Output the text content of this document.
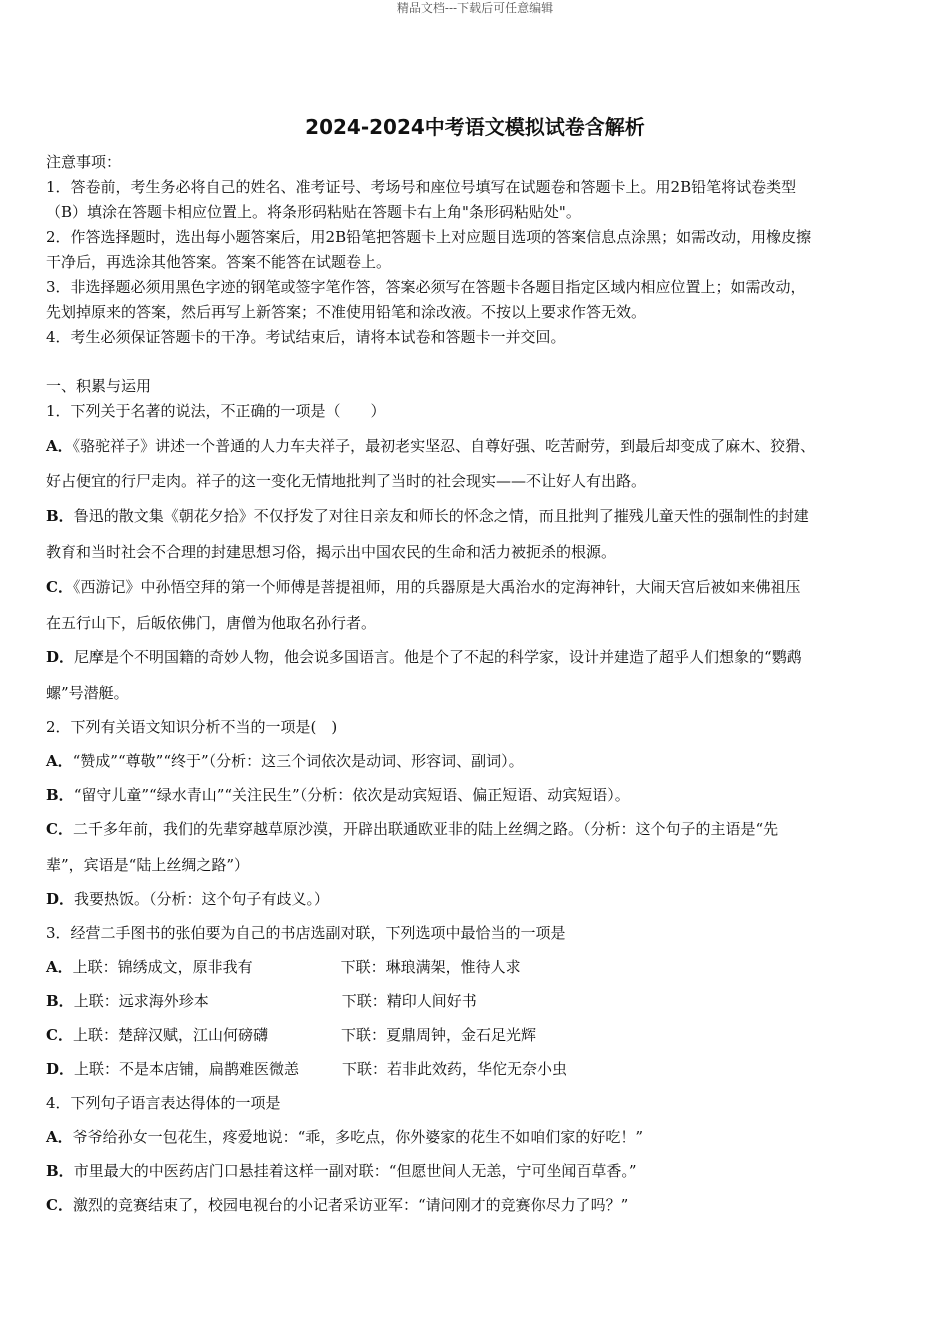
精品文档---下载后可任意编辑
2024-2024中考语文模拟试卷含解析
注意事项：
1．答卷前，考生务必将自己的姓名、准考证号、考场号和座位号填写在试题卷和答题卡上。用2B铅笔将试卷类型
（B）填涂在答题卡相应位置上。将条形码粘贴在答题卡右上角"条形码粘贴处"。
2．作答选择题时，选出每小题答案后，用2B铅笔把答题卡上对应题目选项的答案信息点涂黑；如需改动，用橡皮擦
干净后，再选涂其他答案。答案不能答在试题卷上。
3．非选择题必须用黑色字迹的钢笔或签字笔作答，答案必须写在答题卡各题目指定区域内相应位置上；如需改动，
先划掉原来的答案，然后再写上新答案；不准使用铅笔和涂改液。不按以上要求作答无效。
4．考生必须保证答题卡的干净。考试结束后，请将本试卷和答题卡一并交回。
一、积累与运用
1．下列关于名著的说法，不正确的一项是（　　）
A．《骆驼祥子》讲述一个普通的人力车夫祥子，最初老实坚忍、自尊好强、吃苦耐劳，到最后却变成了麻木、狡猾、
好占便宜的行尸走肉。祥子的这一变化无情地批判了当时的社会现实——不让好人有出路。
B．鲁迅的散文集《朝花夕拾》不仅抒发了对往日亲友和师长的怀念之情，而且批判了摧残儿童天性的强制性的封建
教育和当时社会不合理的封建思想习俗，揭示出中国农民的生命和活力被扼杀的根源。
C．《西游记》中孙悟空拜的第一个师傅是菩提祖师，用的兵器原是大禹治水的定海神针，大闹天宫后被如来佛祖压
在五行山下，后皈依佛门，唐僧为他取名孙行者。
D．尼摩是个不明国籍的奇妙人物，他会说多国语言。他是个了不起的科学家，设计并建造了超乎人们想象的“鹦鹉
螺”号潜艇。
2．下列有关语文知识分析不当的一项是(　)
A．“赞成”“尊敬”“终于”（分析：这三个词依次是动词、形容词、副词）。
B．“留守儿童”“绿水青山”“关注民生”（分析：依次是动宾短语、偏正短语、动宾短语）。
C．二千多年前，我们的先辈穿越草原沙漠，开辟出联通欧亚非的陆上丝绸之路。（分析：这个句子的主语是“先
辈”，宾语是“陆上丝绸之路”）
D．我要热饭。（分析：这个句子有歧义。）
3．经营二手图书的张伯要为自己的书店选副对联，下列选项中最恰当的一项是
A．上联：锦绣成文，原非我有	下联：琳琅满架，惟待人求
B．上联：远求海外珍本	下联：精印人间好书
C．上联：楚辞汉赋，江山何磅礴	下联：夏鼎周钟，金石足光辉
D．上联：不是本店铺，扁鹊难医微恙	下联：若非此效药，华佗无奈小虫
4．下列句子语言表达得体的一项是
A．爷爷给孙女一包花生，疼爱地说：“乖，多吃点，你外婆家的花生不如咱们家的好吃！”
B．市里最大的中医药店门口悬挂着这样一副对联：“但愿世间人无恙，宁可坐闻百草香。”
C．激烈的竞赛结束了，校园电视台的小记者采访亚军：“请问刚才的竞赛你尽力了吗？”
